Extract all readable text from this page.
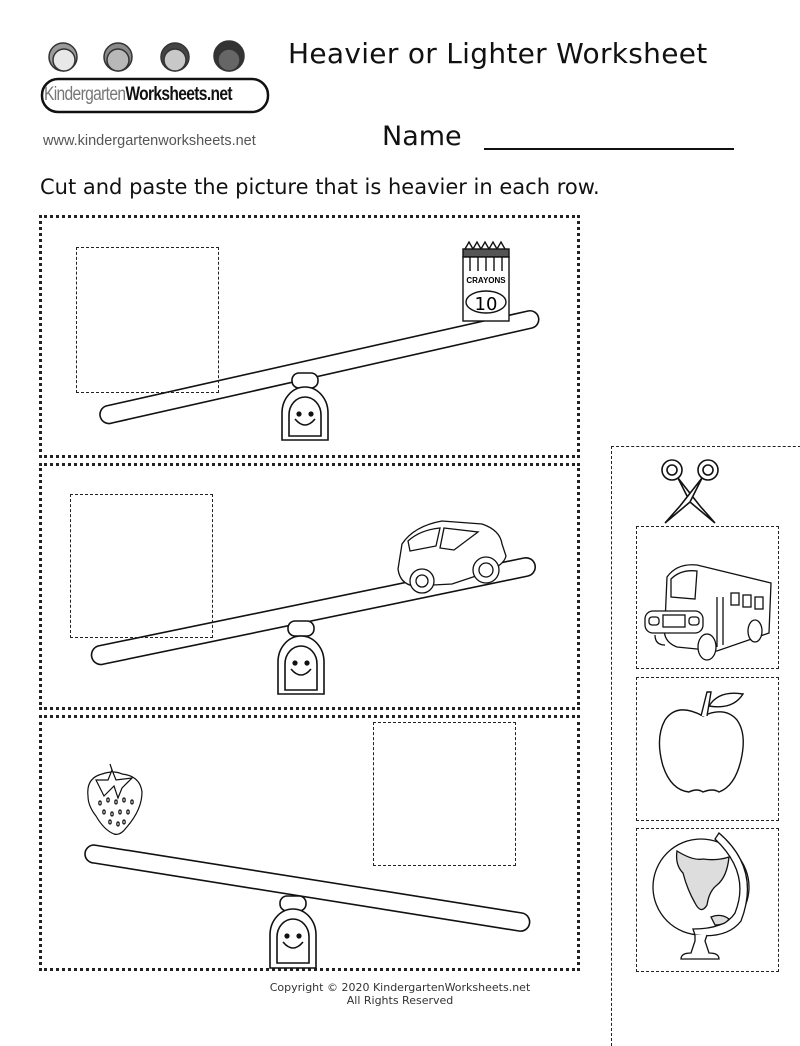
KindergartenWorksheets.net
www.kindergartenworksheets.net
Heavier or Lighter Worksheet
Name
Cut and paste the picture that is heavier in each row.
CRAYONS
10
Copyright © 2020 KindergartenWorksheets.net
All Rights Reserved
